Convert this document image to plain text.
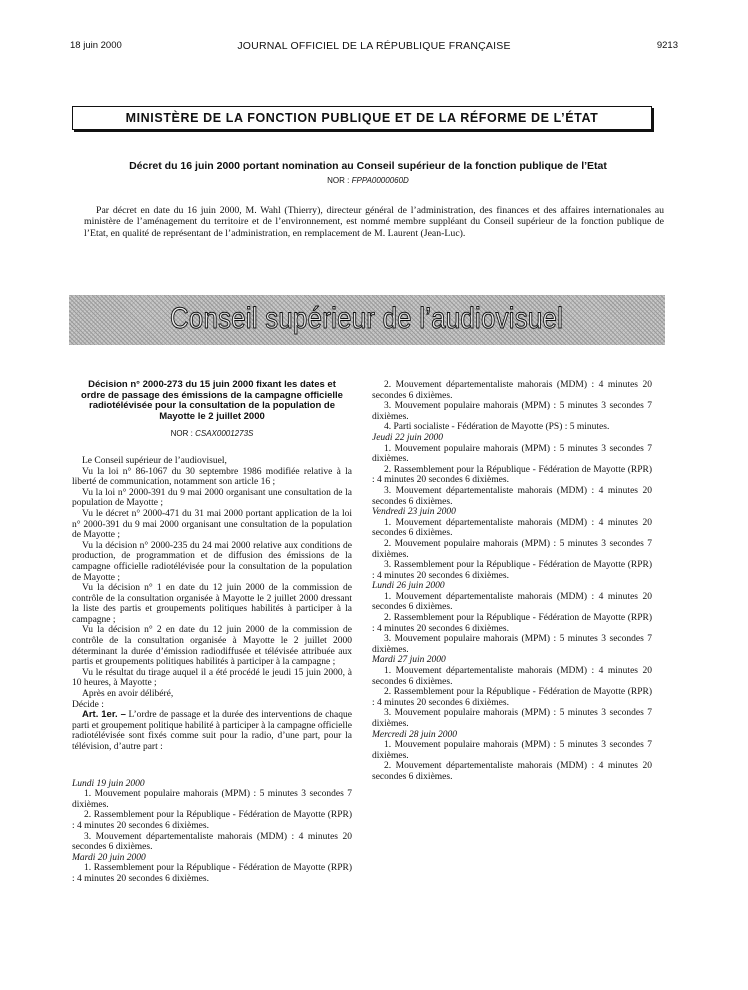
18 juin 2000	JOURNAL OFFICIEL DE LA RÉPUBLIQUE FRANÇAISE	9213
MINISTÈRE DE LA FONCTION PUBLIQUE ET DE LA RÉFORME DE L’ÉTAT
Décret du 16 juin 2000 portant nomination au Conseil supérieur de la fonction publique de l’Etat
NOR : FPPA0000060D

Par décret en date du 16 juin 2000, M. Wahl (Thierry), directeur général de l’administration, des finances et des affaires internationales au ministère de l’aménagement du territoire et de l’environnement, est nommé membre suppléant du Conseil supérieur de la fonction publique de l’Etat, en qualité de représentant de l’administration, en remplacement de M. Laurent (Jean-Luc).

Conseil supérieur de l’audiovisuel
Décision n° 2000-273 du 15 juin 2000 fixant les dates et ordre de passage des émissions de la campagne officielle radiotélévisée pour la consultation de la population de Mayotte le 2 juillet 2000
NOR : CSAX0001273S

Le Conseil supérieur de l’audiovisuel,

Vu la loi n° 86-1067 du 30 septembre 1986 modifiée relative à la liberté de communication, notamment son article 16 ;

Vu la loi n° 2000-391 du 9 mai 2000 organisant une consultation de la population de Mayotte ;

Vu le décret n° 2000-471 du 31 mai 2000 portant application de la loi n° 2000-391 du 9 mai 2000 organisant une consultation de la population de Mayotte ;

Vu la décision n° 2000-235 du 24 mai 2000 relative aux conditions de production, de programmation et de diffusion des émissions de la campagne officielle radiotélévisée pour la consultation de la population de Mayotte ;

Vu la décision n° 1 en date du 12 juin 2000 de la commission de contrôle de la consultation organisée à Mayotte le 2 juillet 2000 dressant la liste des partis et groupements politiques habilités à participer à la campagne ;

Vu la décision n° 2 en date du 12 juin 2000 de la commission de contrôle de la consultation organisée à Mayotte le 2 juillet 2000 déterminant la durée d’émission radiodiffusée et télévisée attribuée aux partis et groupements politiques habilités à participer à la campagne ;

Vu le résultat du tirage auquel il a été procédé le jeudi 15 juin 2000, à 10 heures, à Mayotte ;

Après en avoir délibéré,

Décide :

Art. 1er. – L’ordre de passage et la durée des interventions de chaque parti et groupement politique habilité à participer à la campagne officielle radiotélévisée sont fixés comme suit pour la radio, d’une part, pour la télévision, d’autre part :

Lundi 19 juin 2000

1. Mouvement populaire mahorais (MPM) : 5 minutes 3 secondes 7 dixièmes.

2. Rassemblement pour la République - Fédération de Mayotte (RPR) : 4 minutes 20 secondes 6 dixièmes.

3. Mouvement départementaliste mahorais (MDM) : 4 minutes 20 secondes 6 dixièmes.

Mardi 20 juin 2000

1. Rassemblement pour la République - Fédération de Mayotte (RPR) : 4 minutes 20 secondes 6 dixièmes.

2. Mouvement départementaliste mahorais (MDM) : 4 minutes 20 secondes 6 dixièmes.

3. Mouvement populaire mahorais (MPM) : 5 minutes 3 secondes 7 dixièmes.

4. Parti socialiste - Fédération de Mayotte (PS) : 5 minutes.

Jeudi 22 juin 2000

1. Mouvement populaire mahorais (MPM) : 5 minutes 3 secondes 7 dixièmes.

2. Rassemblement pour la République - Fédération de Mayotte (RPR) : 4 minutes 20 secondes 6 dixièmes.

3. Mouvement départementaliste mahorais (MDM) : 4 minutes 20 secondes 6 dixièmes.

Vendredi 23 juin 2000

1. Mouvement départementaliste mahorais (MDM) : 4 minutes 20 secondes 6 dixièmes.

2. Mouvement populaire mahorais (MPM) : 5 minutes 3 secondes 7 dixièmes.

3. Rassemblement pour la République - Fédération de Mayotte (RPR) : 4 minutes 20 secondes 6 dixièmes.

Lundi 26 juin 2000

1. Mouvement départementaliste mahorais (MDM) : 4 minutes 20 secondes 6 dixièmes.

2. Rassemblement pour la République - Fédération de Mayotte (RPR) : 4 minutes 20 secondes 6 dixièmes.

3. Mouvement populaire mahorais (MPM) : 5 minutes 3 secondes 7 dixièmes.

Mardi 27 juin 2000

1. Mouvement départementaliste mahorais (MDM) : 4 minutes 20 secondes 6 dixièmes.

2. Rassemblement pour la République - Fédération de Mayotte (RPR) : 4 minutes 20 secondes 6 dixièmes.

3. Mouvement populaire mahorais (MPM) : 5 minutes 3 secondes 7 dixièmes.

Mercredi 28 juin 2000

1. Mouvement populaire mahorais (MPM) : 5 minutes 3 secondes 7 dixièmes.

2. Mouvement départementaliste mahorais (MDM) : 4 minutes 20 secondes 6 dixièmes.
